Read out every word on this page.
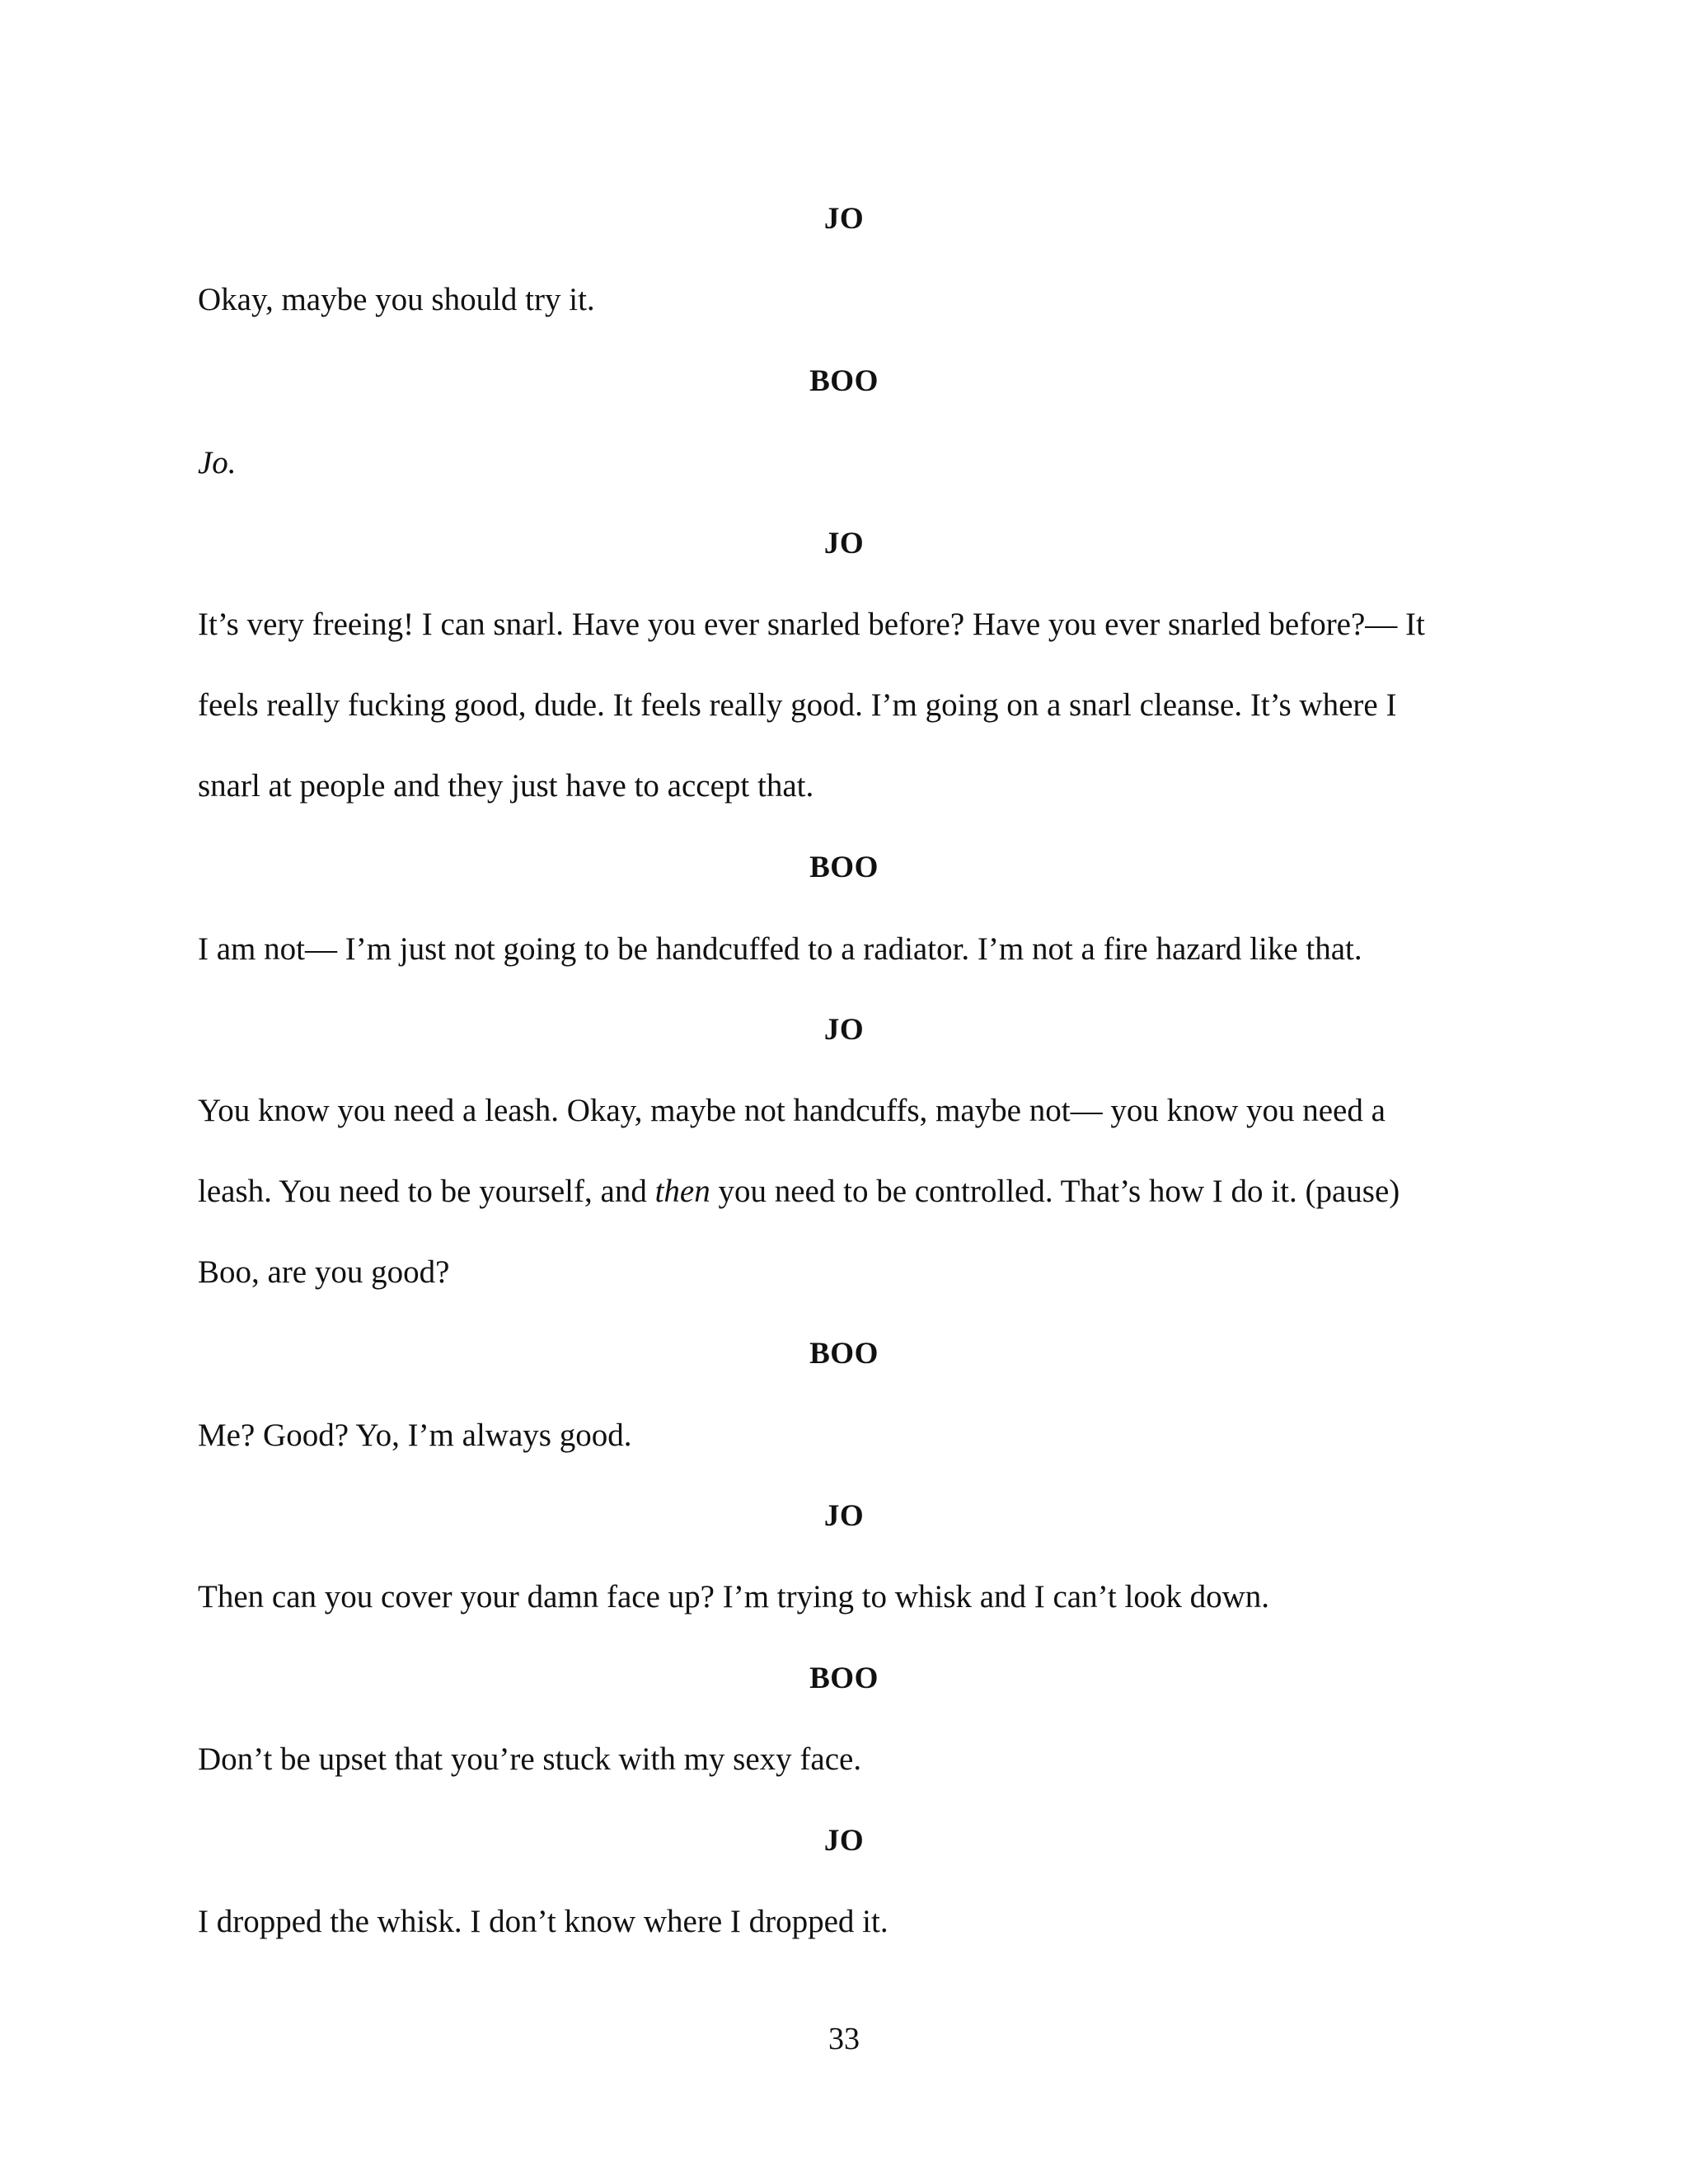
JO
Okay, maybe you should try it.
BOO
Jo.
JO
It’s very freeing! I can snarl. Have you ever snarled before? Have you ever snarled before?— It
feels really fucking good, dude. It feels really good. I’m going on a snarl cleanse. It’s where I
snarl at people and they just have to accept that.
BOO
I am not— I’m just not going to be handcuffed to a radiator. I’m not a fire hazard like that.
JO
You know you need a leash. Okay, maybe not handcuffs, maybe not— you know you need a
leash. You need to be yourself, and then you need to be controlled. That’s how I do it. (pause)
Boo, are you good?
BOO
Me? Good? Yo, I’m always good.
JO
Then can you cover your damn face up? I’m trying to whisk and I can’t look down.
BOO
Don’t be upset that you’re stuck with my sexy face.
JO
I dropped the whisk. I don’t know where I dropped it.
33
